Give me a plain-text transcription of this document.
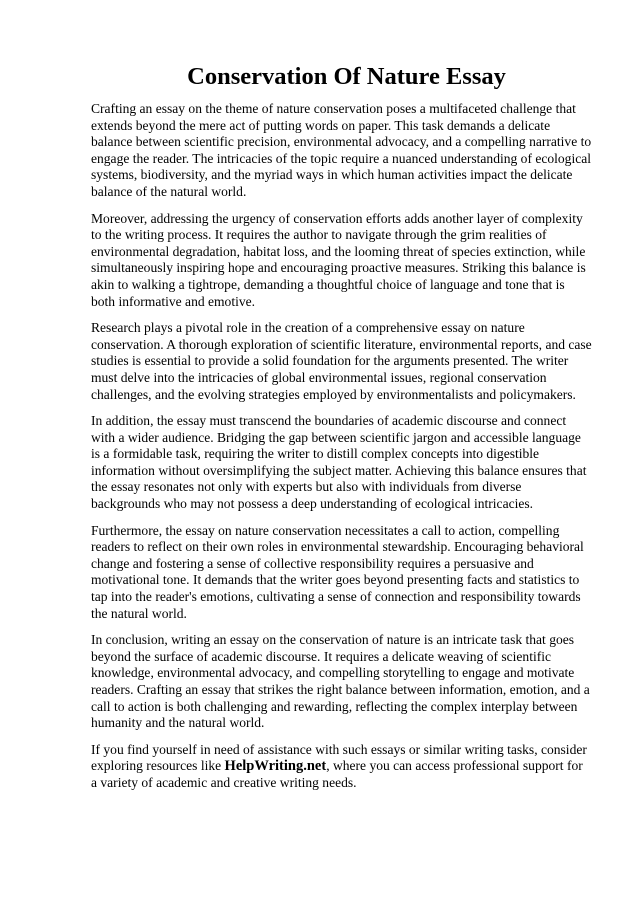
Conservation Of Nature Essay

Crafting an essay on the theme of nature conservation poses a multifaceted challenge that extends beyond the mere act of putting words on paper. This task demands a delicate balance between scientific precision, environmental advocacy, and a compelling narrative to engage the reader. The intricacies of the topic require a nuanced understanding of ecological systems, biodiversity, and the myriad ways in which human activities impact the delicate balance of the natural world.

Moreover, addressing the urgency of conservation efforts adds another layer of complexity to the writing process. It requires the author to navigate through the grim realities of environmental degradation, habitat loss, and the looming threat of species extinction, while simultaneously inspiring hope and encouraging proactive measures. Striking this balance is akin to walking a tightrope, demanding a thoughtful choice of language and tone that is both informative and emotive.

Research plays a pivotal role in the creation of a comprehensive essay on nature conservation. A thorough exploration of scientific literature, environmental reports, and case studies is essential to provide a solid foundation for the arguments presented. The writer must delve into the intricacies of global environmental issues, regional conservation challenges, and the evolving strategies employed by environmentalists and policymakers.

In addition, the essay must transcend the boundaries of academic discourse and connect with a wider audience. Bridging the gap between scientific jargon and accessible language is a formidable task, requiring the writer to distill complex concepts into digestible information without oversimplifying the subject matter. Achieving this balance ensures that the essay resonates not only with experts but also with individuals from diverse backgrounds who may not possess a deep understanding of ecological intricacies.

Furthermore, the essay on nature conservation necessitates a call to action, compelling readers to reflect on their own roles in environmental stewardship. Encouraging behavioral change and fostering a sense of collective responsibility requires a persuasive and motivational tone. It demands that the writer goes beyond presenting facts and statistics to tap into the reader's emotions, cultivating a sense of connection and responsibility towards the natural world.

In conclusion, writing an essay on the conservation of nature is an intricate task that goes beyond the surface of academic discourse. It requires a delicate weaving of scientific knowledge, environmental advocacy, and compelling storytelling to engage and motivate readers. Crafting an essay that strikes the right balance between information, emotion, and a call to action is both challenging and rewarding, reflecting the complex interplay between humanity and the natural world.

If you find yourself in need of assistance with such essays or similar writing tasks, consider exploring resources like HelpWriting.net, where you can access professional support for a variety of academic and creative writing needs.
